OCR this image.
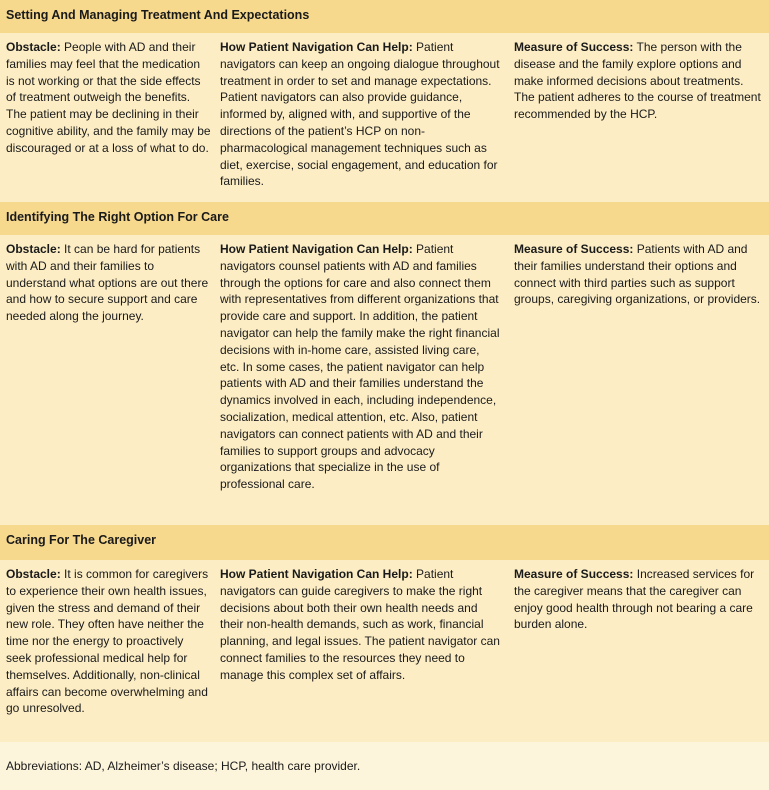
Setting And Managing Treatment And Expectations
Obstacle: People with AD and their families may feel that the medication is not working or that the side effects of treatment outweigh the benefits. The patient may be declining in their cognitive ability, and the family may be discouraged or at a loss of what to do.
How Patient Navigation Can Help: Patient navigators can keep an ongoing dialogue throughout treatment in order to set and manage expectations. Patient navigators can also provide guidance, informed by, aligned with, and supportive of the directions of the patient’s HCP on non-pharmacological management techniques such as diet, exercise, social engagement, and education for families.
Measure of Success: The person with the disease and the family explore options and make informed decisions about treatments. The patient adheres to the course of treatment recommended by the HCP.
Identifying The Right Option For Care
Obstacle: It can be hard for patients with AD and their families to understand what options are out there and how to secure support and care needed along the journey.
How Patient Navigation Can Help: Patient navigators counsel patients with AD and families through the options for care and also connect them with representatives from different organizations that provide care and support. In addition, the patient navigator can help the family make the right financial decisions with in-home care, assisted living care, etc. In some cases, the patient navigator can help patients with AD and their families understand the dynamics involved in each, including independence, socialization, medical attention, etc. Also, patient navigators can connect patients with AD and their families to support groups and advocacy organizations that specialize in the use of professional care.
Measure of Success: Patients with AD and their families understand their options and connect with third parties such as support groups, caregiving organizations, or providers.
Caring For The Caregiver
Obstacle: It is common for caregivers to experience their own health issues, given the stress and demand of their new role. They often have neither the time nor the energy to proactively seek professional medical help for themselves. Additionally, non-clinical affairs can become overwhelming and go unresolved.
How Patient Navigation Can Help: Patient navigators can guide caregivers to make the right decisions about both their own health needs and their non-health demands, such as work, financial planning, and legal issues. The patient navigator can connect families to the resources they need to manage this complex set of affairs.
Measure of Success: Increased services for the caregiver means that the caregiver can enjoy good health through not bearing a care burden alone.
Abbreviations: AD, Alzheimer’s disease; HCP, health care provider.
